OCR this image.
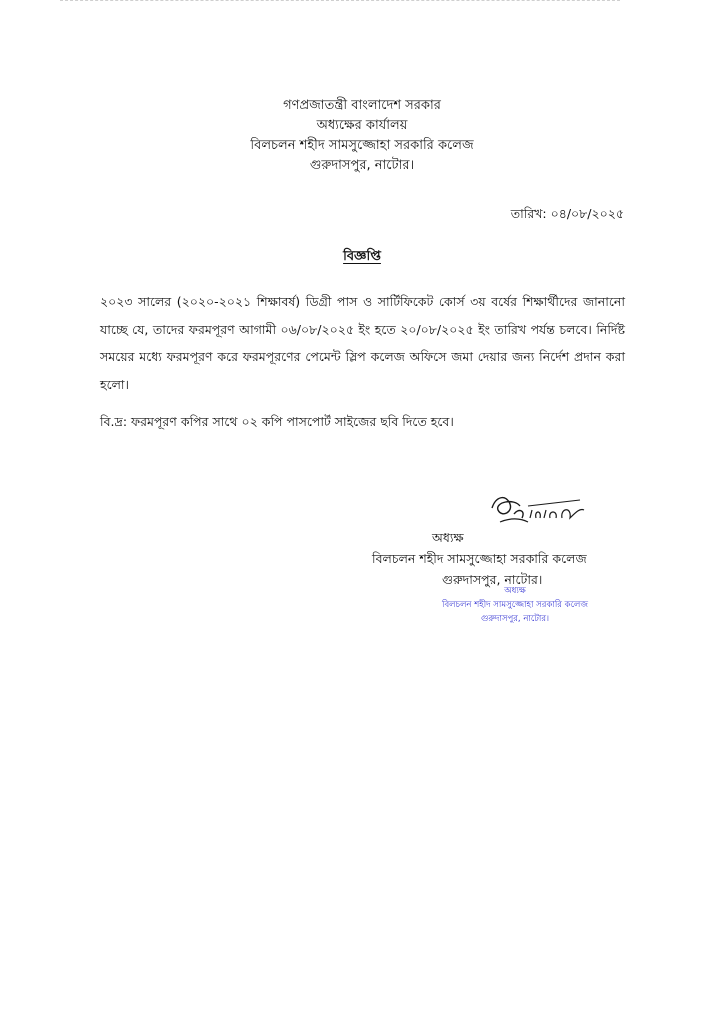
গণপ্রজাতন্ত্রী বাংলাদেশ সরকার
অধ্যক্ষের কার্যালয়
বিলচলন শহীদ সামসুজ্জোহা সরকারি কলেজ
গুরুদাসপুর, নাটোর।
তারিখ: ০৪/০৮/২০২৫
বিজ্ঞপ্তি

২০২৩ সালের (২০২০-২০২১ শিক্ষাবর্ষ) ডিগ্রী পাস ও সার্টিফিকেট কোর্স ৩য় বর্ষের শিক্ষার্থীদের জানানো যাচ্ছে যে, তাদের ফরমপূরণ আগামী ০৬/০৮/২০২৫ ইং হতে ২০/০৮/২০২৫ ইং তারিখ পর্যন্ত চলবে। নির্দিষ্ট সময়ের মধ্যে ফরমপূরণ করে ফরমপূরণের পেমেন্ট স্লিপ কলেজ অফিসে জমা দেয়ার জন্য নির্দেশ প্রদান করা হলো।

বি.দ্র: ফরমপূরণ কপির সাথে ০২ কপি পাসপোর্ট সাইজের ছবি দিতে হবে।
অধ্যক্ষ
বিলচলন শহীদ সামসুজ্জোহা সরকারি কলেজ
গুরুদাসপুর, নাটোর।
অধ্যক্ষ
বিলচলন শহীদ সামসুজ্জোহা সরকারি কলেজ
গুরুদাসপুর, নাটোর।
